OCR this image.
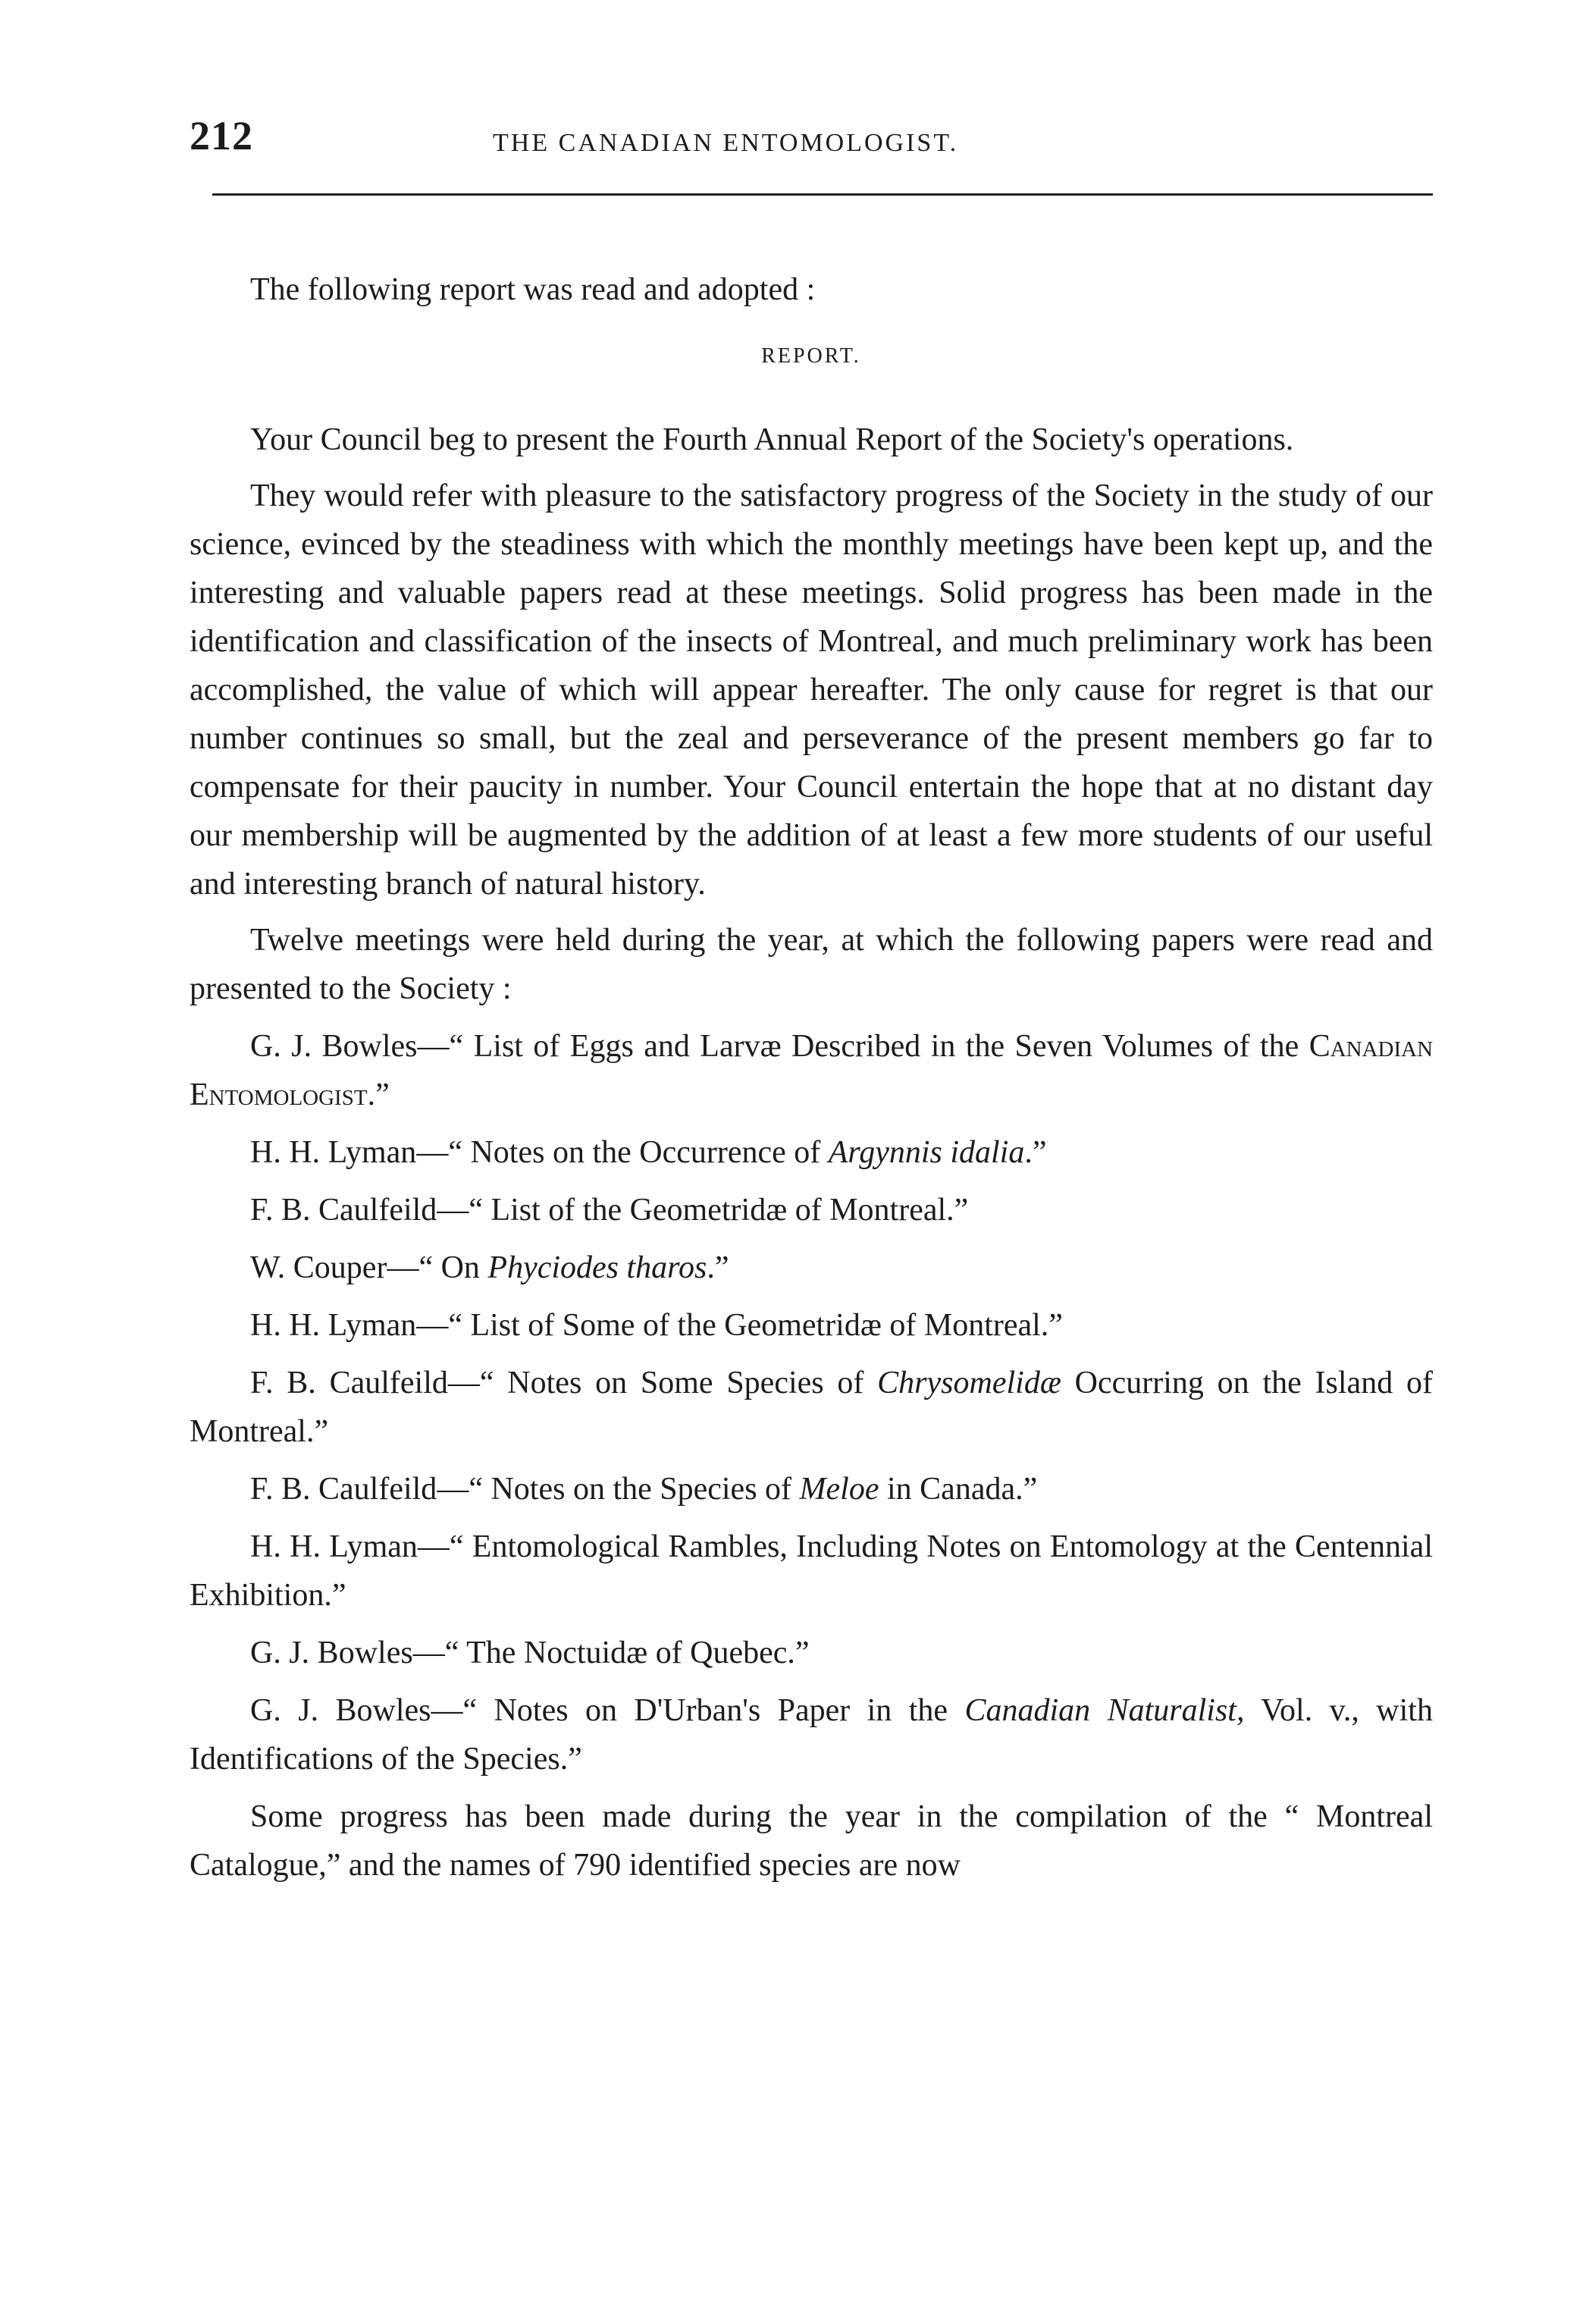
212	THE CANADIAN ENTOMOLOGIST.

The following report was read and adopted :

REPORT.

Your Council beg to present the Fourth Annual Report of the Society's operations.

They would refer with pleasure to the satisfactory progress of the Society in the study of our science, evinced by the steadiness with which the monthly meetings have been kept up, and the interesting and valuable papers read at these meetings. Solid progress has been made in the identification and classification of the insects of Montreal, and much preliminary work has been accomplished, the value of which will appear hereafter. The only cause for regret is that our number continues so small, but the zeal and perseverance of the present members go far to compensate for their paucity in number. Your Council entertain the hope that at no distant day our membership will be augmented by the addition of at least a few more students of our useful and interesting branch of natural history.

Twelve meetings were held during the year, at which the following papers were read and presented to the Society :

G. J. Bowles—“ List of Eggs and Larvæ Described in the Seven Volumes of the Canadian Entomologist.”

H. H. Lyman—“ Notes on the Occurrence of Argynnis idalia.”

F. B. Caulfeild—“ List of the Geometridæ of Montreal.”

W. Couper—“ On Phyciodes tharos.”

H. H. Lyman—“ List of Some of the Geometridæ of Montreal.”

F. B. Caulfeild—“ Notes on Some Species of Chrysomelidæ Occurring on the Island of Montreal.”

F. B. Caulfeild—“ Notes on the Species of Meloe in Canada.”

H. H. Lyman—“ Entomological Rambles, Including Notes on Entomology at the Centennial Exhibition.”

G. J. Bowles—“ The Noctuidæ of Quebec.”

G. J. Bowles—“ Notes on D'Urban's Paper in the Canadian Naturalist, Vol. v., with Identifications of the Species.”

Some progress has been made during the year in the compilation of the “ Montreal Catalogue,” and the names of 790 identified species are now
